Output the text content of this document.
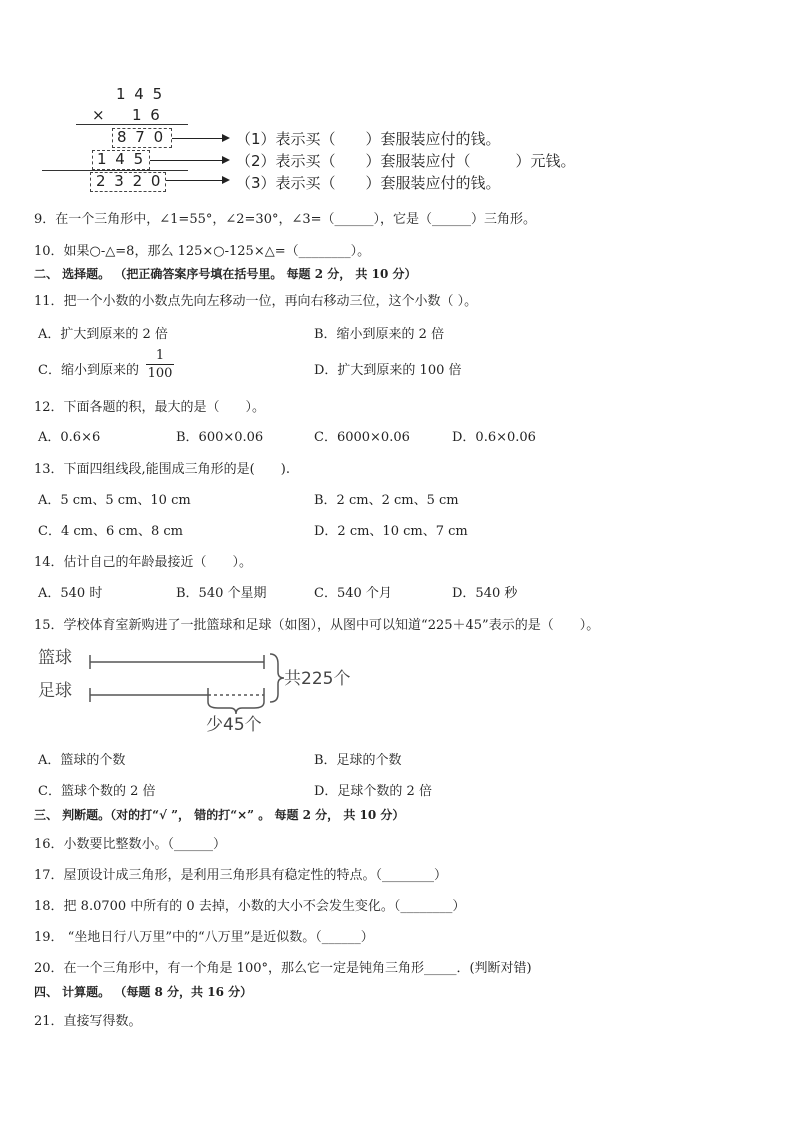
1 4 5
× 1 6
8 7 0
1 4 5
2 3 2 0
（1）表示买（　　）套服装应付的钱。
（2）表示买（　　）套服装应付（　　　）元钱。
（3）表示买（　　）套服装应付的钱。
9．在一个三角形中，∠1=55°，∠2=30°，∠3=（______），它是（______）三角形。
10．如果○-△=8，那么 125×○-125×△=（________）。
二、 选择题。 （把正确答案序号填在括号里。 每题 2 分， 共 10 分）
11．把一个小数的小数点先向左移动一位，再向右移动三位，这个小数（ ）。
A．扩大到原来的 2 倍	B．缩小到原来的 2 倍
C．缩小到原来的
1
100	D．扩大到原来的 100 倍
12．下面各题的积，最大的是（　　）。
A．0.6×6	B．600×0.06	C．6000×0.06	D．0.6×0.06
13．下面四组线段,能围成三角形的是(　　).
A．5 cm、5 cm、10 cm	B．2 cm、2 cm、5 cm
C．4 cm、6 cm、8 cm	D．2 cm、10 cm、7 cm
14．估计自己的年龄最接近（　　）。
A．540 时	B．540 个星期	C．540 个月	D．540 秒
15．学校体育室新购进了一批篮球和足球（如图），从图中可以知道“225＋45”表示的是（　　）。
篮球
足球
共225个
少45个
A．篮球的个数	B．足球的个数
C．篮球个数的 2 倍	D．足球个数的 2 倍
三、 判断题。（对的打“√ ”， 错的打“×” 。 每题 2 分， 共 10 分）
16．小数要比整数小。（______）
17．屋顶设计成三角形，是利用三角形具有稳定性的特点。（________）
18．把 8.0700 中所有的 0 去掉，小数的大小不会发生变化。（________）
19． “坐地日行八万里”中的“八万里”是近似数。（______）
20．在一个三角形中，有一个角是 100°，那么它一定是钝角三角形_____．(判断对错)
四、 计算题。 （每题 8 分，共 16 分）
21．直接写得数。
